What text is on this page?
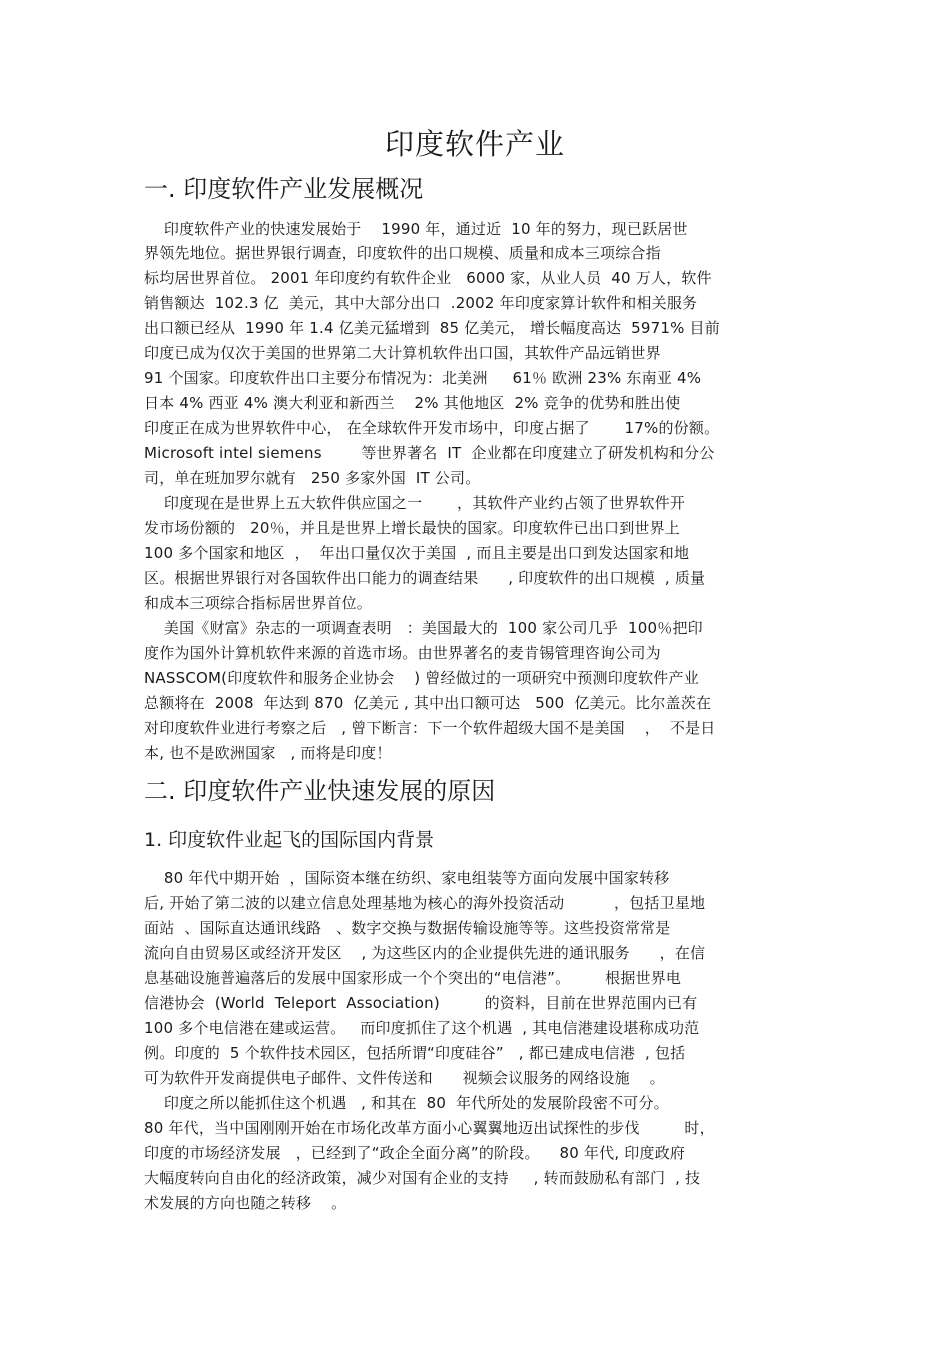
印度软件产业
一. 印度软件产业发展概况
印度软件产业的快速发展始于    1990 年，通过近  10 年的努力，现已跃居世
界领先地位。据世界银行调查，印度软件的出口规模、质量和成本三项综合指
标均居世界首位。 2001 年印度约有软件企业   6000 家，从业人员  40 万人，软件
销售额达  102.3 亿  美元，其中大部分出口  .2002 年印度家算计软件和相关服务
出口额已经从  1990 年 1.4 亿美元猛增到  85 亿美元， 增长幅度高达  5971% 目前
印度已成为仅次于美国的世界第二大计算机软件出口国，其软件产品远销世界
91 个国家。印度软件出口主要分布情况为：北美洲     61％ 欧洲 23% 东南亚 4%
日本 4% 西亚 4% 澳大利亚和新西兰    2% 其他地区  2% 竞争的优势和胜出使
印度正在成为世界软件中心， 在全球软件开发市场中，印度占据了       17%的份额。
Microsoft intel siemens        等世界著名  IT  企业都在印度建立了研发机构和分公
司，单在班加罗尔就有   250 多家外国  IT 公司。
印度现在是世界上五大软件供应国之一       ，其软件产业约占领了世界软件开
发市场份额的   20％，并且是世界上增长最快的国家。印度软件已出口到世界上
100 多个国家和地区  ，  年出口量仅次于美国  , 而且主要是出口到发达国家和地
区。根据世界银行对各国软件出口能力的调查结果      , 印度软件的出口规模  , 质量
和成本三项综合指标居世界首位。
美国《财富》杂志的一项调查表明   ：美国最大的  100 家公司几乎  100％把印
度作为国外计算机软件来源的首选市场。由世界著名的麦肯锡管理咨询公司为
NASSCOM(印度软件和服务企业协会    ) 曾经做过的一项研究中预测印度软件产业
总额将在  2008  年达到 870  亿美元 , 其中出口额可达   500  亿美元。比尔盖茨在
对印度软件业进行考察之后   , 曾下断言：下一个软件超级大国不是美国    ，  不是日
本, 也不是欧洲国家   , 而将是印度！
二. 印度软件产业快速发展的原因
1. 印度软件业起飞的国际国内背景
80 年代中期开始  ，国际资本继在纺织、家电组装等方面向发展中国家转移
后, 开始了第二波的以建立信息处理基地为核心的海外投资活动          ，包括卫星地
面站  、国际直达通讯线路   、数字交换与数据传输设施等等。这些投资常常是
流向自由贸易区或经济开发区    , 为这些区内的企业提供先进的通讯服务      ，在信
息基础设施普遍落后的发展中国家形成一个个突出的“电信港”。       根据世界电
信港协会  (World  Teleport  Association)         的资料，目前在世界范围内已有
100 多个电信港在建或运营。   而印度抓住了这个机遇  , 其电信港建设堪称成功范
例。印度的  5 个软件技术园区，包括所谓“印度硅谷”   , 都已建成电信港  , 包括
可为软件开发商提供电子邮件、文件传送和      视频会议服务的网络设施    。
印度之所以能抓住这个机遇   , 和其在  80  年代所处的发展阶段密不可分。
80 年代，当中国刚刚开始在市场化改革方面小心翼翼地迈出试探性的步伐         时，
印度的市场经济发展   ，已经到了“政企全面分离”的阶段。    80 年代, 印度政府
大幅度转向自由化的经济政策，减少对国有企业的支持     , 转而鼓励私有部门  , 技
术发展的方向也随之转移    。
